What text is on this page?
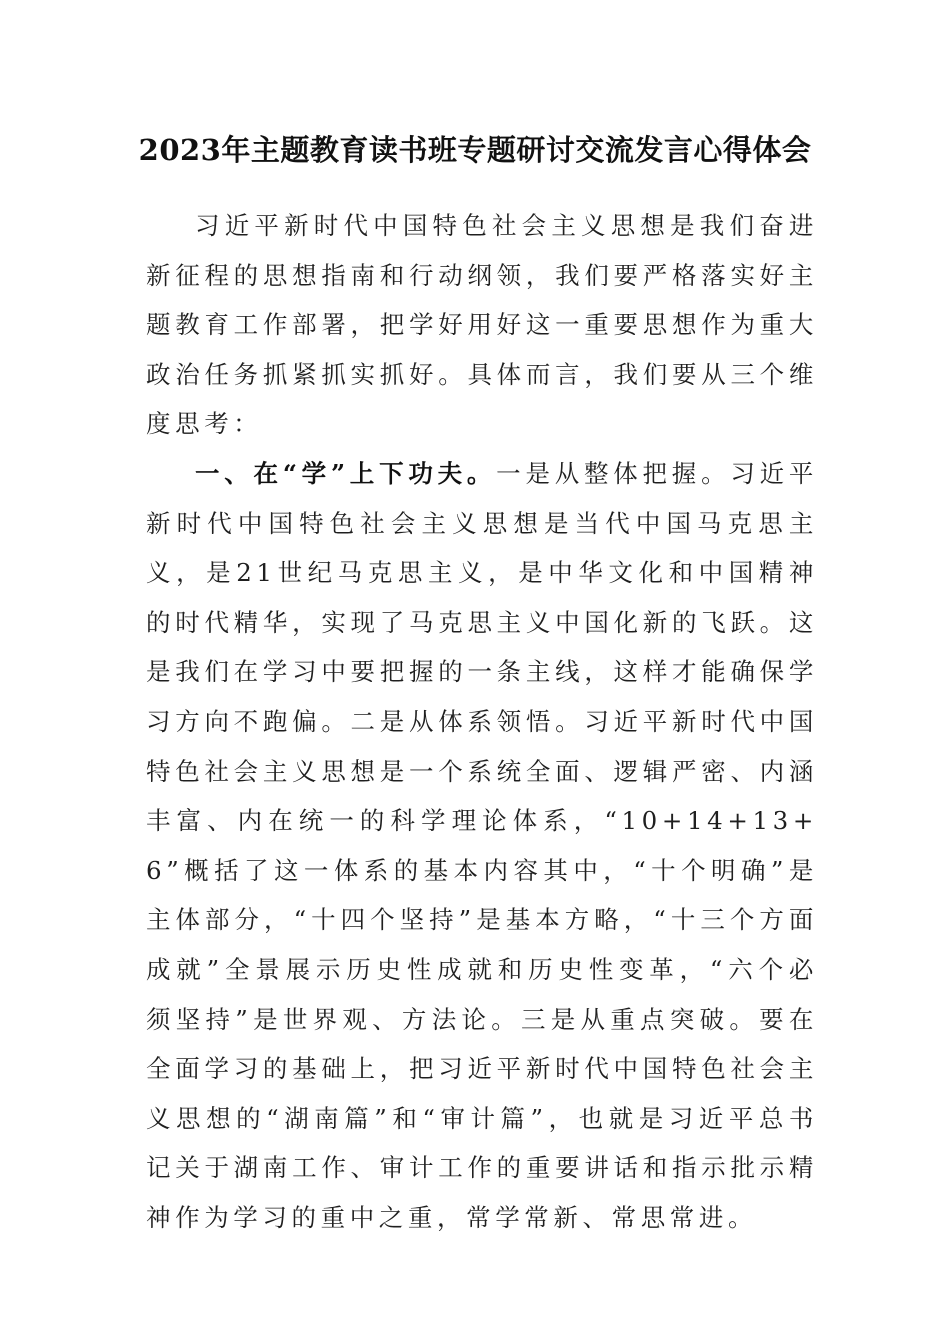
2023年主题教育读书班专题研讨交流发言心得体会

习近平新时代中国特色社会主义思想是我们奋进新征程的思想指南和行动纲领，我们要严格落实好主题教育工作部署，把学好用好这一重要思想作为重大政治任务抓紧抓实抓好。具体而言，我们要从三个维度思考：

一、在“学”上下功夫。一是从整体把握。习近平新时代中国特色社会主义思想是当代中国马克思主义，是21世纪马克思主义，是中华文化和中国精神的时代精华，实现了马克思主义中国化新的飞跃。这是我们在学习中要把握的一条主线，这样才能确保学习方向不跑偏。二是从体系领悟。习近平新时代中国特色社会主义思想是一个系统全面、逻辑严密、内涵丰富、内在统一的科学理论体系，“10+14+13+6”概括了这一体系的基本内容其中，“十个明确”是主体部分，“十四个坚持”是基本方略，“十三个方面成就”全景展示历史性成就和历史性变革，“六个必须坚持”是世界观、方法论。三是从重点突破。要在全面学习的基础上，把习近平新时代中国特色社会主义思想的“湖南篇”和“审计篇”，也就是习近平总书记关于湖南工作、审计工作的重要讲话和指示批示精神作为学习的重中之重，常学常新、常思常进。
